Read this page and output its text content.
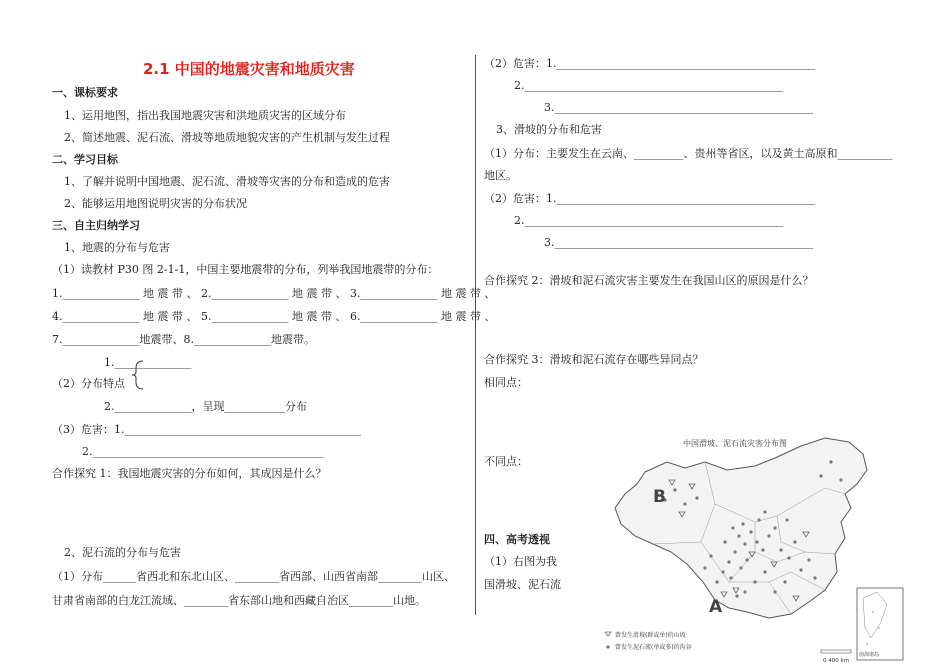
2.1 中国的地震灾害和地质灾害
一、课标要求
1、运用地图，指出我国地震灾害和洪地质灾害的区域分布
2、简述地震、泥石流、滑坡等地质地貌灾害的产生机制与发生过程
二、学习目标
1、了解并说明中国地震、泥石流、滑坡等灾害的分布和造成的危害
2、能够运用地图说明灾害的分布状况
三、自主归纳学习
1、地震的分布与危害
（1）读教材 P30 图 2-1-1，中国主要地震带的分布，列举我国地震带的分布：
1.______________ 地 震 带 、 2.______________ 地 震 带 、 3.______________ 地 震 带 、
4.______________ 地 震 带 、 5.______________ 地 震 带 、 6.______________ 地 震 带 、
7.______________地震带、8.______________地震带。
1.______________
（2）分布特点
2.______________，呈现___________分布
（3）危害：1.___________________________________________
2.__________________________________________
合作探究 1：我国地震灾害的分布如何，其成因是什么？
2、泥石流的分布与危害
（1）分布______省西北和东北山区、________省西部、山西省南部________山区、
甘肃省南部的白龙江流域、________省东部山地和西藏自治区________山地。
（2）危害：1._______________________________________________
2._______________________________________________
3._______________________________________________
3、滑坡的分布和危害
（1）分布：主要发生在云南、_________、贵州等省区，以及黄土高原和__________
地区。
（2）危害：1._______________________________________________
2._______________________________________________
3._______________________________________________
合作探究 2：滑坡和泥石流灾害主要发生在我国山区的原因是什么？
合作探究 3：滑坡和泥石流存在哪些异同点？
相同点：
不同点：
四、高考透视
（1）右图为我
国滑坡、泥石流
中国滑坡、泥石流灾害分布图
B
A
南海诸岛
曾发生滑坡(群或单)的山坡
曾发生泥石流(单或多)的沟谷
0 400 km
